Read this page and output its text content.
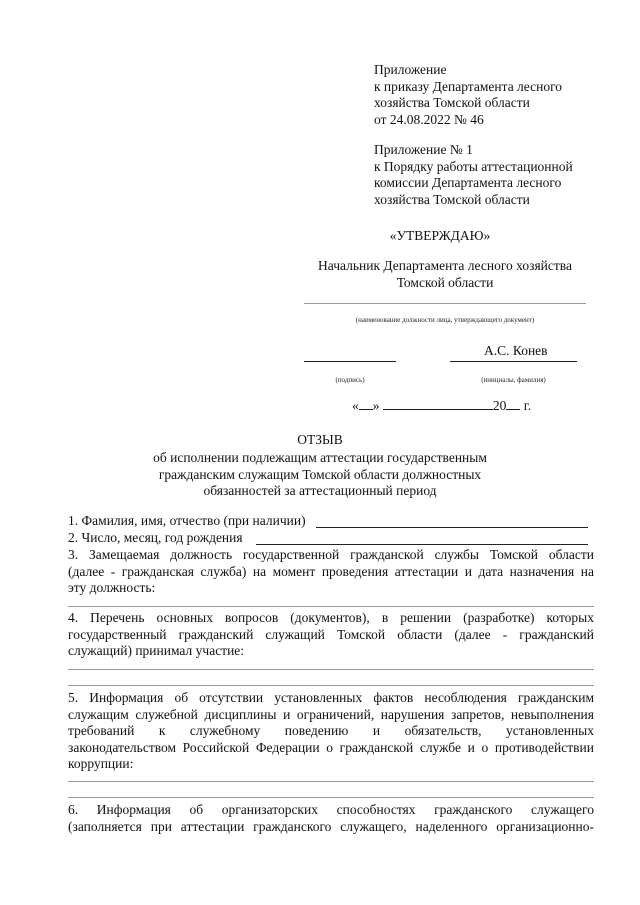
Приложение
к приказу Департамента лесного
хозяйства Томской области
от 24.08.2022 № 46
Приложение № 1
к Порядку работы аттестационной
комиссии Департамента лесного
хозяйства Томской области
«УТВЕРЖДАЮ»
Начальник Департамента лесного хозяйства
Томской области
(наименование должности лица, утверждающего документ)
А.С. Конев
(подпись)	(инициалы, фамилия)
« »	20 г.
ОТЗЫВ
об исполнении подлежащим аттестации государственным
гражданским служащим Томской области должностных
обязанностей за аттестационный период
1. Фамилия, имя, отчество (при наличии)
2. Число, месяц, год рождения
3. Замещаемая должность государственной гражданской службы Томской области
(далее - гражданская служба) на момент проведения аттестации и дата назначения на
эту должность:
4. Перечень основных вопросов (документов), в решении (разработке) которых
государственный гражданский служащий Томской области (далее - гражданский
служащий) принимал участие:
5. Информация об отсутствии установленных фактов несоблюдения гражданским
служащим служебной дисциплины и ограничений, нарушения запретов, невыполнения
требований к служебному поведению и обязательств, установленных
законодательством Российской Федерации о гражданской службе и о противодействии
коррупции:
6. Информация об организаторских способностях гражданского служащего
(заполняется при аттестации гражданского служащего, наделенного организационно-
